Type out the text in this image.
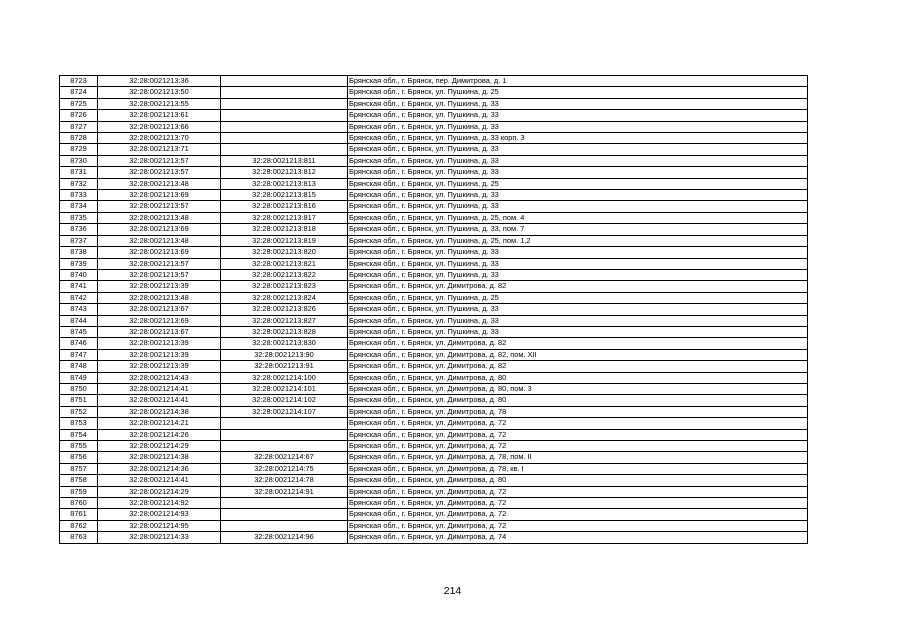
8723	32:28:0021213:36		Брянская обл., г. Брянск, пер. Димитрова, д. 1
8724	32:28:0021213:50		Брянская обл., г. Брянск, ул. Пушкина, д. 25
8725	32:28:0021213:55		Брянская обл., г. Брянск, ул. Пушкина, д. 33
8726	32:28:0021213:61		Брянская обл., г. Брянск, ул. Пушкина, д. 33
8727	32:28:0021213:66		Брянская обл., г. Брянск, ул. Пушкина, д. 33
8728	32:28:0021213:70		Брянская обл., г. Брянск, ул. Пушкина, д. 33 корп. 3
8729	32:28:0021213:71		Брянская обл., г. Брянск, ул. Пушкина, д. 33
8730	32:28:0021213:57	32:28:0021213:811	Брянская обл., г. Брянск, ул. Пушкина, д. 33
8731	32:28:0021213:57	32:28:0021213:812	Брянская обл., г. Брянск, ул. Пушкина, д. 33
8732	32:28:0021213:48	32:28:0021213:813	Брянская обл., г. Брянск, ул. Пушкина, д. 25
8733	32:28:0021213:69	32:28:0021213:815	Брянская обл., г. Брянск, ул. Пушкина, д. 33
8734	32:28:0021213:57	32:28:0021213:816	Брянская обл., г. Брянск, ул. Пушкина, д. 33
8735	32:28:0021213:48	32:28:0021213:817	Брянская обл., г. Брянск, ул. Пушкина, д. 25, пом. 4
8736	32:28:0021213:69	32:28:0021213:818	Брянская обл., г. Брянск, ул. Пушкина, д. 33, пом. 7
8737	32:28:0021213:48	32:28:0021213:819	Брянская обл., г. Брянск, ул. Пушкина, д. 25, пом. 1,2
8738	32:28:0021213:69	32:28:0021213:820	Брянская обл., г. Брянск, ул. Пушкина, д. 33
8739	32:28:0021213:57	32:28:0021213:821	Брянская обл., г. Брянск, ул. Пушкина, д. 33
8740	32:28:0021213:57	32:28:0021213:822	Брянская обл., г. Брянск, ул. Пушкина, д. 33
8741	32:28:0021213:39	32:28:0021213:823	Брянская обл., г. Брянск, ул. Димитрова, д. 82
8742	32:28:0021213:48	32:28:0021213:824	Брянская обл., г. Брянск, ул. Пушкина, д. 25
8743	32:28:0021213:67	32:28:0021213:826	Брянская обл., г. Брянск, ул. Пушкина, д. 33
8744	32:28:0021213:69	32:28:0021213:827	Брянская обл., г. Брянск, ул. Пушкина, д. 33
8745	32:28:0021213:67	32:28:0021213:828	Брянская обл., г. Брянск, ул. Пушкина, д. 33
8746	32:28:0021213:39	32:28:0021213:830	Брянская обл., г. Брянск, ул. Димитрова, д. 82
8747	32:28:0021213:39	32:28:0021213:90	Брянская обл., г. Брянск, ул. Димитрова, д. 82, пом. XII
8748	32:28:0021213:39	32:28:0021213:91	Брянская обл., г. Брянск, ул. Димитрова, д. 82
8749	32:28:0021214:43	32:28:0021214:100	Брянская обл., г. Брянск, ул. Димитрова, д. 80
8750	32:28:0021214:41	32:28:0021214:101	Брянская обл., г. Брянск, ул. Димитрова, д. 80, пом. 3
8751	32:28:0021214:41	32:28:0021214:102	Брянская обл., г. Брянск, ул. Димитрова, д. 80
8752	32:28:0021214:38	32:28:0021214:107	Брянская обл., г. Брянск, ул. Димитрова, д. 78
8753	32:28:0021214:21		Брянская обл., г. Брянск, ул. Димитрова, д. 72
8754	32:28:0021214:26		Брянская обл., г. Брянск, ул. Димитрова, д. 72
8755	32:28:0021214:29		Брянская обл., г. Брянск, ул. Димитрова, д. 72
8756	32:28:0021214:38	32:28:0021214:67	Брянская обл., г. Брянск, ул. Димитрова, д. 78, пом. II
8757	32:28:0021214:36	32:28:0021214:75	Брянская обл., г. Брянск, ул. Димитрова, д. 78, кв. I
8758	32:28:0021214:41	32:28:0021214:78	Брянская обл., г. Брянск, ул. Димитрова, д. 80
8759	32:28:0021214:29	32:28:0021214:91	Брянская обл., г. Брянск, ул. Димитрова, д. 72
8760	32:28:0021214:92		Брянская обл., г. Брянск, ул. Димитрова, д. 72
8761	32:28:0021214:93		Брянская обл., г. Брянск, ул. Димитрова, д. 72
8762	32:28:0021214:95		Брянская обл., г. Брянск, ул. Димитрова, д. 72
8763	32:28:0021214:33	32:28:0021214:96	Брянская обл., г. Брянск, ул. Димитрова, д. 74
214
